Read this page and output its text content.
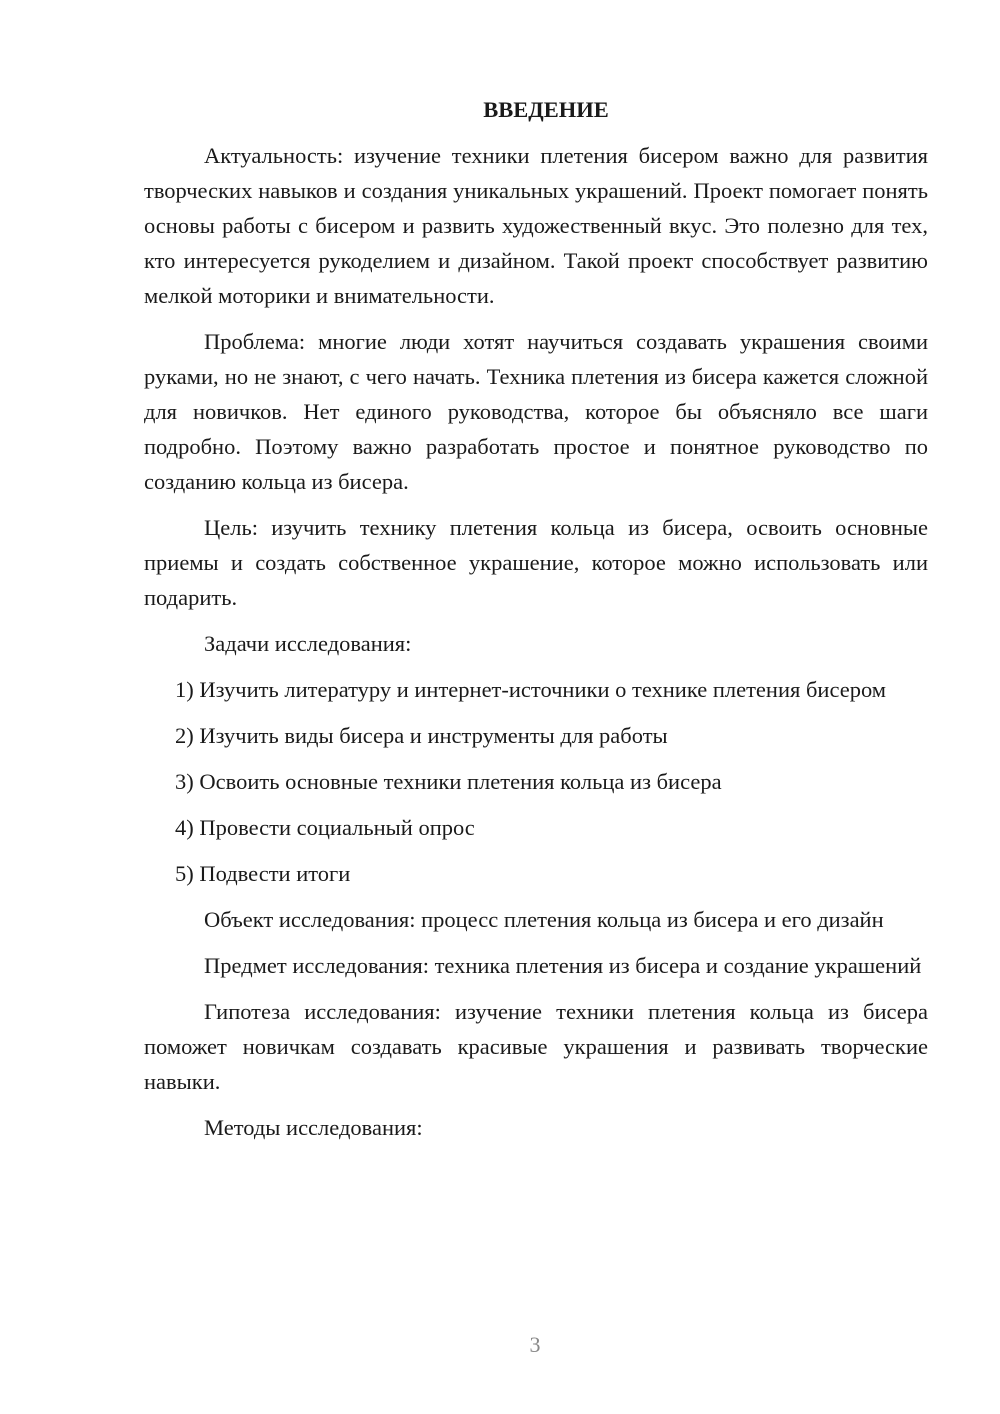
ВВЕДЕНИЕ

Актуальность: изучение техники плетения бисером важно для развития творческих навыков и создания уникальных украшений. Проект помогает понять основы работы с бисером и развить художественный вкус. Это полезно для тех, кто интересуется рукоделием и дизайном. Такой проект способствует развитию мелкой моторики и внимательности.

Проблема: многие люди хотят научиться создавать украшения своими руками, но не знают, с чего начать. Техника плетения из бисера кажется сложной для новичков. Нет единого руководства, которое бы объясняло все шаги подробно. Поэтому важно разработать простое и понятное руководство по созданию кольца из бисера.

Цель: изучить технику плетения кольца из бисера, освоить основные приемы и создать собственное украшение, которое можно использовать или подарить.

Задачи исследования:

1) Изучить литературу и интернет-источники о технике плетения бисером

2) Изучить виды бисера и инструменты для работы

3) Освоить основные техники плетения кольца из бисера

4) Провести социальный опрос

5) Подвести итоги

Объект исследования: процесс плетения кольца из бисера и его дизайн

Предмет исследования: техника плетения из бисера и создание украшений

Гипотеза исследования: изучение техники плетения кольца из бисера поможет новичкам создавать красивые украшения и развивать творческие навыки.

Методы исследования:

3
